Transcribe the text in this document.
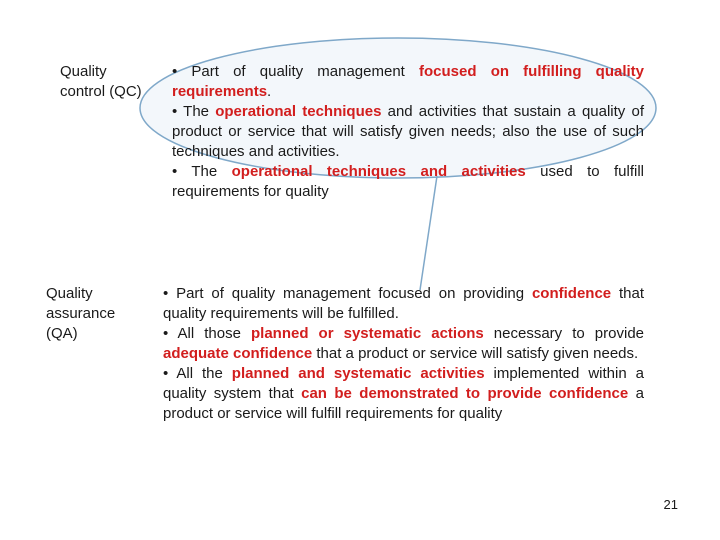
Quality
control (QC)

• Part of quality management focused on fulfilling quality requirements.

• The operational techniques and activities that sustain a quality of product or service that will satisfy given needs; also the use of such techniques and activities.

• The operational techniques and activities used to fulfill requirements for quality

Quality
assurance
(QA)

• Part of quality management focused on providing confidence that quality requirements will be fulfilled.

• All those planned or systematic actions necessary to provide adequate confidence that a product or service will satisfy given needs.

• All the planned and systematic activities implemented within a quality system that can be demonstrated to provide confidence a product or service will fulfill requirements for quality

21
